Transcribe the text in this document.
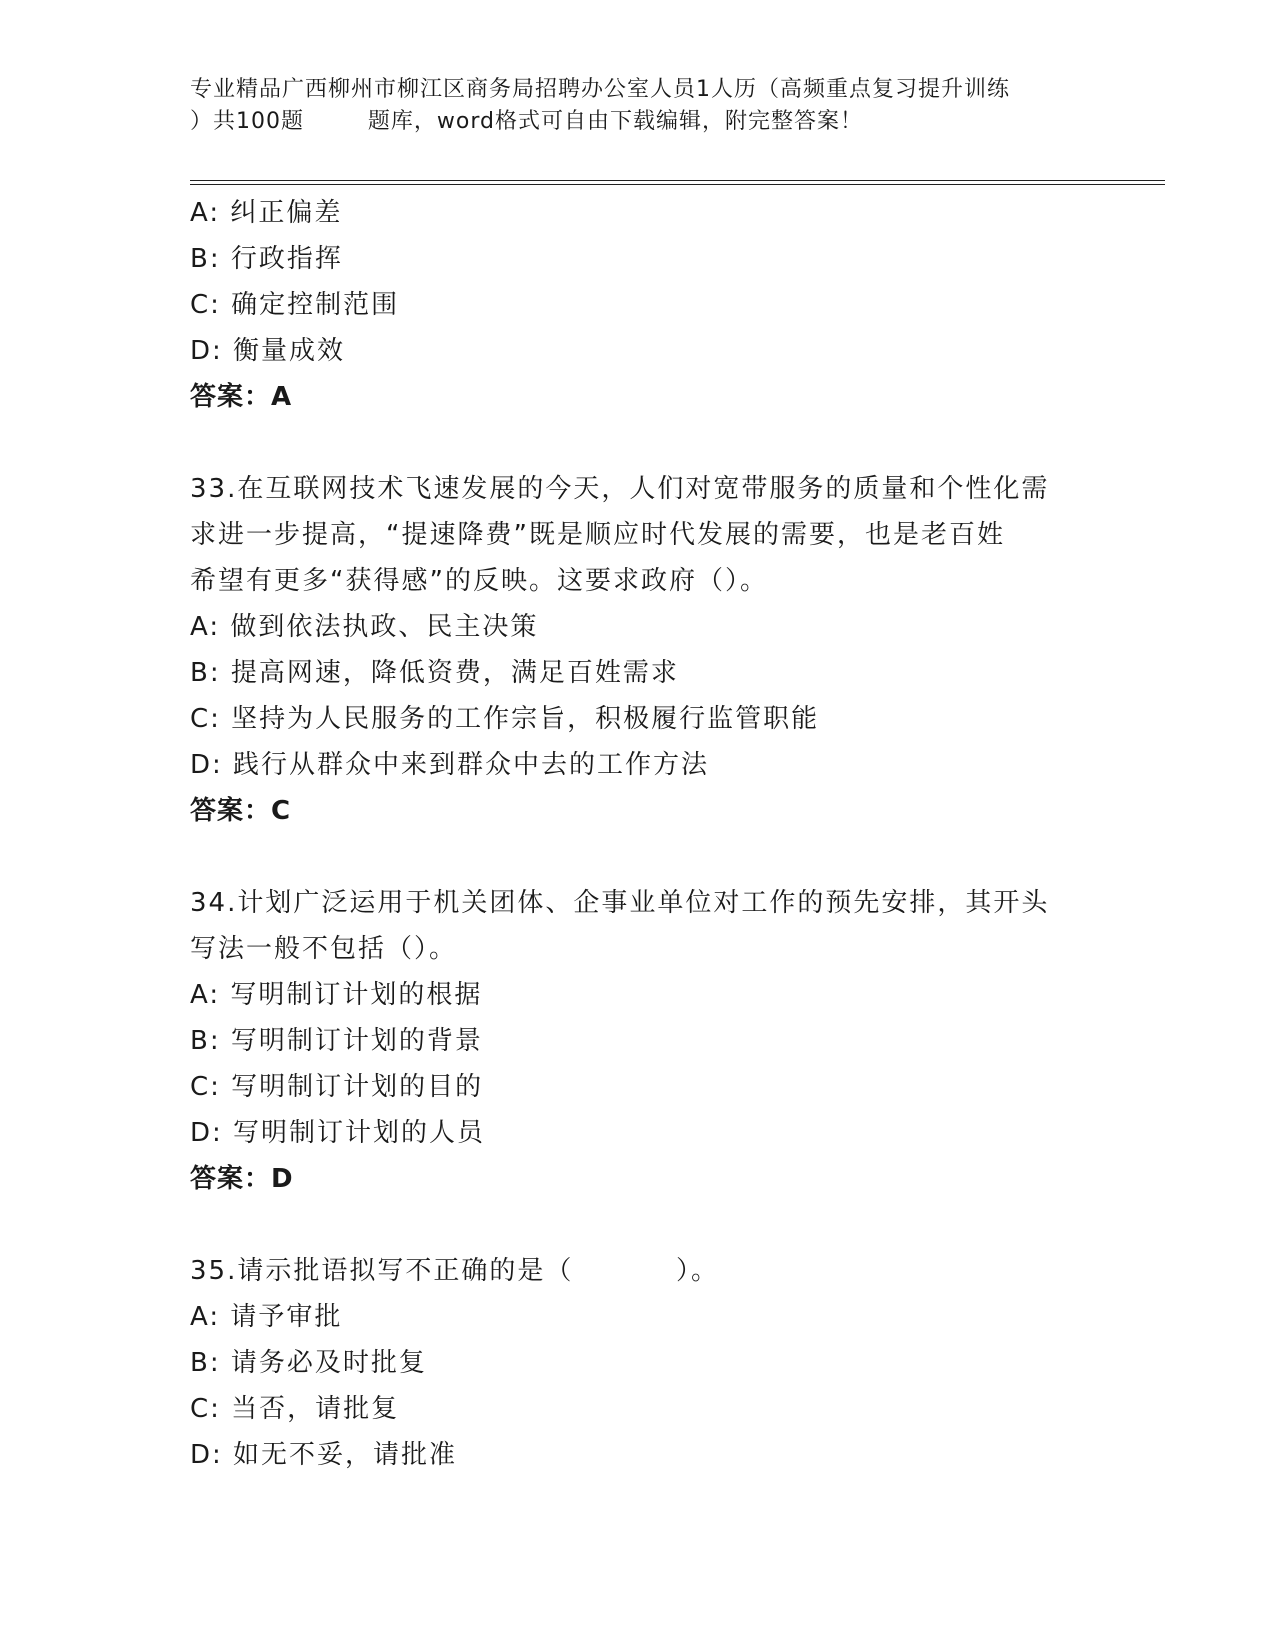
专业精品广西柳州市柳江区商务局招聘办公室人员1人历（高频重点复习提升训练
）共100题        题库，word格式可自由下载编辑，附完整答案！
A: 纠正偏差
B: 行政指挥
C: 确定控制范围
D: 衡量成效
答案：A
33.在互联网技术飞速发展的今天，人们对宽带服务的质量和个性化需
求进一步提高，“提速降费”既是顺应时代发展的需要，也是老百姓
希望有更多“获得感”的反映。这要求政府（）。
A: 做到依法执政、民主决策
B: 提高网速，降低资费，满足百姓需求
C: 坚持为人民服务的工作宗旨，积极履行监管职能
D: 践行从群众中来到群众中去的工作方法
答案：C
34.计划广泛运用于机关团体、企事业单位对工作的预先安排，其开头
写法一般不包括（）。
A: 写明制订计划的根据
B: 写明制订计划的背景
C: 写明制订计划的目的
D: 写明制订计划的人员
答案：D
35.请示批语拟写不正确的是（          ）。
A: 请予审批
B: 请务必及时批复
C: 当否，请批复
D: 如无不妥，请批准
